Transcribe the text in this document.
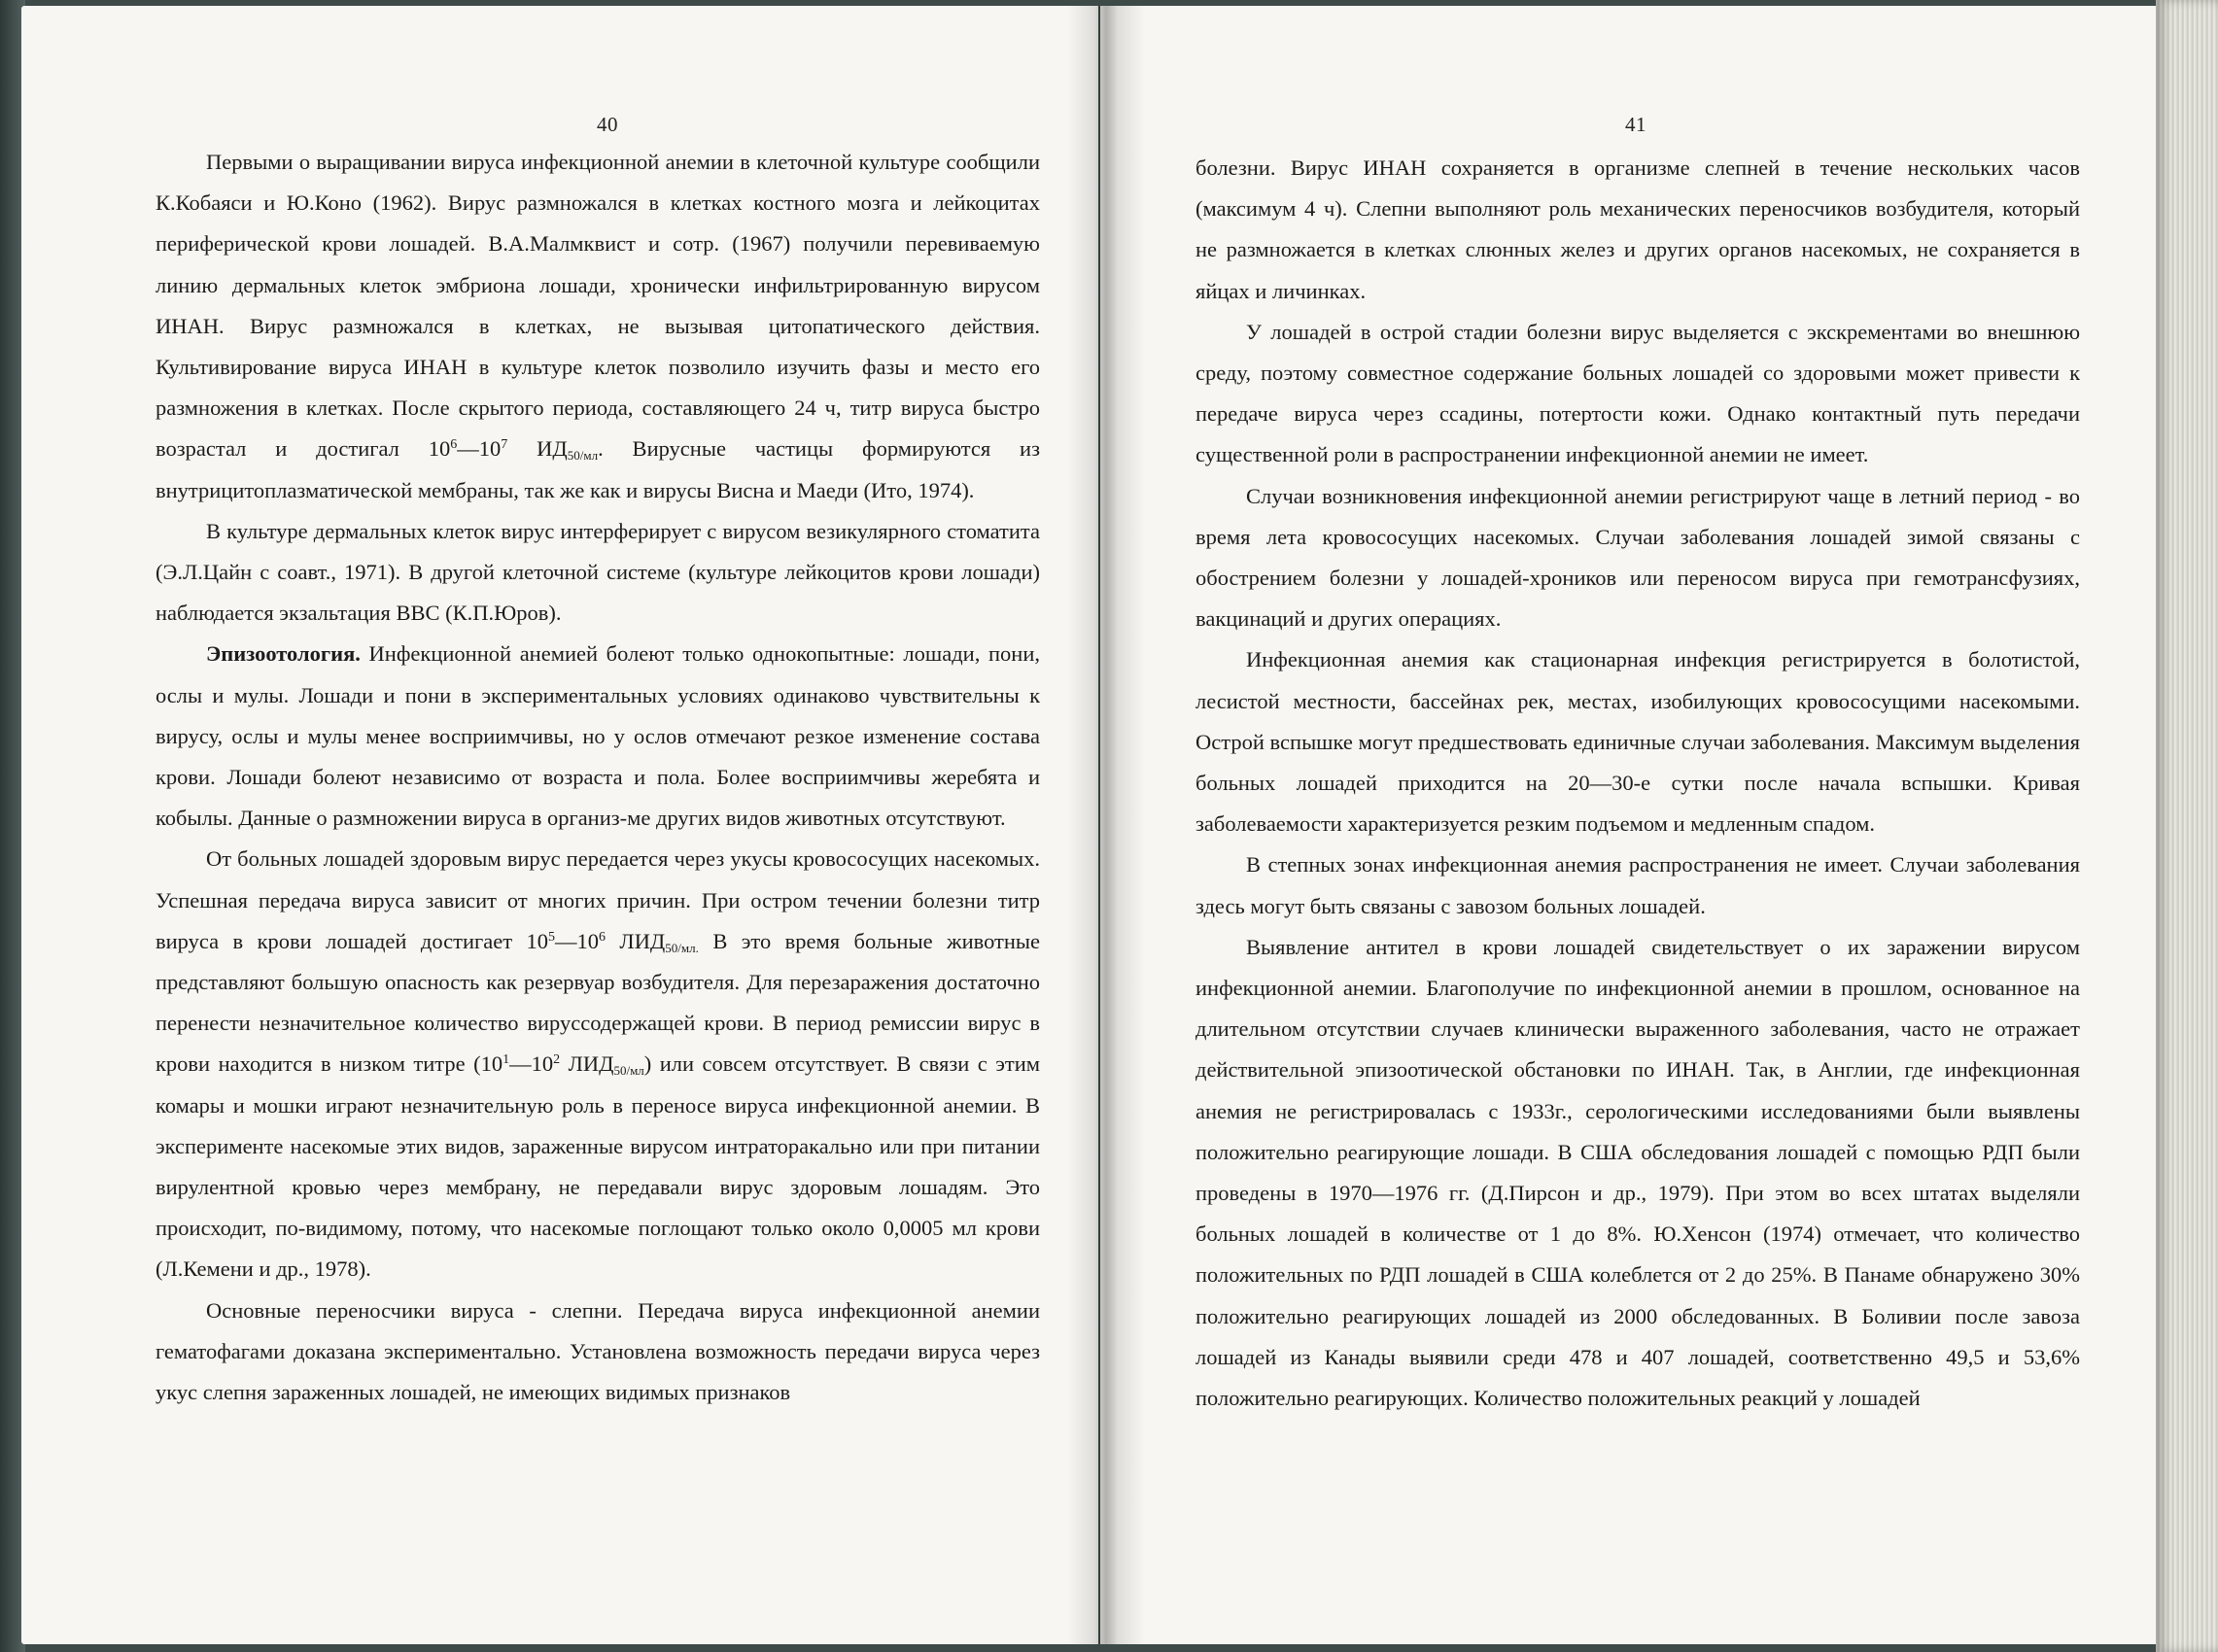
40

Первыми о выращивании вируса инфекционной анемии в клеточной культуре сообщили К.Кобаяси и Ю.Коно (1962). Вирус размножался в клетках костного мозга и лейкоцитах периферической крови лошадей. В.А.Малмквист и сотр. (1967) получили перевиваемую линию дермальных клеток эмбриона лошади, хронически инфильтрированную вирусом ИНАН. Вирус размножался в клетках, не вызывая цитопатического действия. Культивирование вируса ИНАН в культуре клеток позволило изучить фазы и место его размножения в клетках. После скрытого периода, составляющего 24 ч, титр вируса быстро возрастал и достигал $10^6—10^7$ $ИД_{50/мл}$. Вирусные частицы формируются из внутрицитоплазматической мембраны, так же как и вирусы Висна и Маеди (Ито, 1974).

В культуре дермальных клеток вирус интерферирует с вирусом везикулярного стоматита (Э.Л.Цайн с соавт., 1971). В другой клеточной системе (культуре лейкоцитов крови лошади) наблюдается экзальтация ВВС (К.П.Юров).

Эпизоотология. Инфекционной анемией болеют только однокопытные: лошади, пони, ослы и мулы. Лошади и пони в экспериментальных условиях одинаково чувствительны к вирусу, ослы и мулы менее восприимчивы, но у ослов отмечают резкое изменение состава крови. Лошади болеют независимо от возраста и пола. Более восприимчивы жеребята и кобылы. Данные о размножении вируса в организ-ме других видов животных отсутствуют.

От больных лошадей здоровым вирус передается через укусы кровососущих насекомых. Успешная передача вируса зависит от многих причин. При остром течении болезни титр вируса в крови лошадей достигает $10^5—10^6$ $ЛИД_{50/мл.}$ В это время больные животные представляют большую опасность как резервуар возбудителя. Для перезаражения достаточно перенести незначительное количество вируссодержащей крови. В период ремиссии вирус в крови находится в низком титре ($10^1—10^2$ $ЛИД_{50/мл}$) или совсем отсутствует. В связи с этим комары и мошки играют незначительную роль в переносе вируса инфекционной анемии. В эксперименте насекомые этих видов, зараженные вирусом интраторакально или при питании вирулентной кровью через мембрану, не передавали вирус здоровым лошадям. Это происходит, по-видимому, потому, что насекомые поглощают только около 0,0005 мл крови (Л.Кемени и др., 1978).

Основные переносчики вируса - слепни. Передача вируса инфекционной анемии гематофагами доказана экспериментально. Установлена возможность передачи вируса через укус слепня зараженных лошадей, не имеющих видимых признаков

41

болезни. Вирус ИНАН сохраняется в организме слепней в течение нескольких часов (максимум 4 ч). Слепни выполняют роль механических переносчиков возбудителя, который не размножается в клетках слюнных желез и других органов насекомых, не сохраняется в яйцах и личинках.

У лошадей в острой стадии болезни вирус выделяется с экскрементами во внешнюю среду, поэтому совместное содержание больных лошадей со здоровыми может привести к передаче вируса через ссадины, потертости кожи. Однако контактный путь передачи существенной роли в распространении инфекционной анемии не имеет.

Случаи возникновения инфекционной анемии регистрируют чаще в летний период - во время лета кровососущих насекомых. Случаи заболевания лошадей зимой связаны с обострением болезни у лошадей-хроников или переносом вируса при гемотрансфузиях, вакцинаций и других операциях.

Инфекционная анемия как стационарная инфекция регистрируется в болотистой, лесистой местности, бассейнах рек, местах, изобилующих кровососущими насекомыми. Острой вспышке могут предшествовать единичные случаи заболевания. Максимум выделения больных лошадей приходится на 20—30-е сутки после начала вспышки. Кривая заболеваемости характеризуется резким подъемом и медленным спадом.

В степных зонах инфекционная анемия распространения не имеет. Случаи заболевания здесь могут быть связаны с завозом больных лошадей.

Выявление антител в крови лошадей свидетельствует о их заражении вирусом инфекционной анемии. Благополучие по инфекционной анемии в прошлом, основанное на длительном отсутствии случаев клинически выраженного заболевания, часто не отражает действительной эпизоотической обстановки по ИНАН. Так, в Англии, где инфекционная анемия не регистрировалась с 1933г., серологическими исследованиями были выявлены положительно реагирующие лошади. В США обследования лошадей с помощью РДП были проведены в 1970—1976 гг. (Д.Пирсон и др., 1979). При этом во всех штатах выделяли больных лошадей в количестве от 1 до 8%. Ю.Хенсон (1974) отмечает, что количество положительных по РДП лошадей в США колеблется от 2 до 25%. В Панаме обнаружено 30% положительно реагирующих лошадей из 2000 обследованных. В Боливии после завоза лошадей из Канады выявили среди 478 и 407 лошадей, соответственно 49,5 и 53,6% положительно реагирующих. Количество положительных реакций у лошадей
